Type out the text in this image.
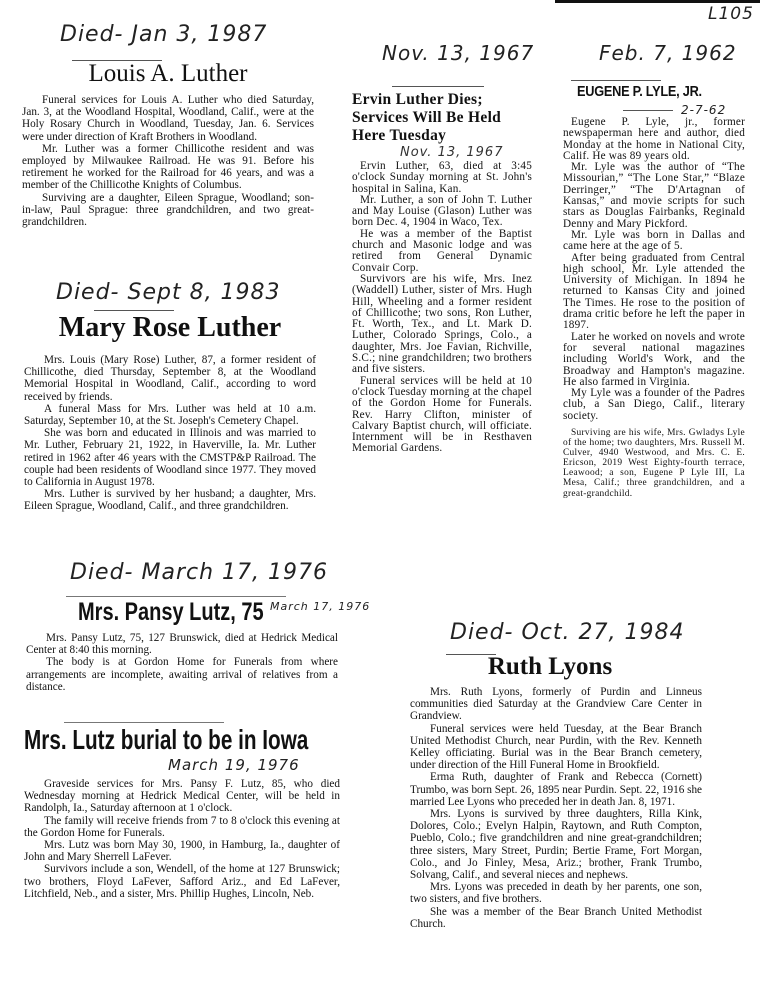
L105
Died- Jan 3, 1987
Louis A. Luther

Funeral services for Louis A. Luther who died Saturday, Jan. 3, at the Woodland Hospital, Woodland, Calif., were at the Holy Rosary Church in Woodland, Tuesday, Jan. 6. Services were under direction of Kraft Brothers in Woodland.

Mr. Luther was a former Chillicothe resident and was employed by Milwaukee Railroad. He was 91. Before his retirement he worked for the Railroad for 46 years, and was a member of the Chillicothe Knights of Columbus.

Surviving are a daughter, Eileen Sprague, Woodland; son-in-law, Paul Sprague: three grandchildren, and two great-grandchildren.

Died- Sept 8, 1983
Mary Rose Luther

Mrs. Louis (Mary Rose) Luther, 87, a former resident of Chillicothe, died Thursday, September 8, at the Woodland Memorial Hospital in Woodland, Calif., according to word received by friends.

A funeral Mass for Mrs. Luther was held at 10 a.m. Saturday, September 10, at the St. Joseph's Cemetery Chapel.

She was born and educated in Illinois and was married to Mr. Luther, February 21, 1922, in Haverville, Ia. Mr. Luther retired in 1962 after 46 years with the CMSTP&P Railroad. The couple had been residents of Woodland since 1977. They moved to California in August 1978.

Mrs. Luther is survived by her husband; a daughter, Mrs. Eileen Sprague, Woodland, Calif., and three grandchildren.

Nov. 13, 1967
Ervin Luther Dies; Services Will Be Held Here Tuesday
Nov. 13, 1967

Ervin Luther, 63, died at 3:45 o'clock Sunday morning at St. John's hospital in Salina, Kan.

Mr. Luther, a son of John T. Luther and May Louise (Glason) Luther was born Dec. 4, 1904 in Waco, Tex.

He was a member of the Baptist church and Masonic lodge and was retired from General Dynamic Convair Corp.

Survivors are his wife, Mrs. Inez (Waddell) Luther, sister of Mrs. Hugh Hill, Wheeling and a former resident of Chillicothe; two sons, Ron Luther, Ft. Worth, Tex., and Lt. Mark D. Luther, Colorado Springs, Colo., a daughter, Mrs. Joe Favian, Richville, S.C.; nine grandchildren; two brothers and five sisters.

Funeral services will be held at 10 o'clock Tuesday morning at the chapel of the Gordon Home for Funerals. Rev. Harry Clifton, minister of Calvary Baptist church, will officiate. Internment will be in Resthaven Memorial Gardens.

Feb. 7, 1962
EUGENE P. LYLE, JR.
2-7-62

Eugene P. Lyle, jr., former newspaperman here and author, died Monday at the home in National City, Calif. He was 89 years old.

Mr. Lyle was the author of “The Missourian,” “The Lone Star,” “Blaze Derringer,” “The D'Artagnan of Kansas,” and movie scripts for such stars as Douglas Fairbanks, Reginald Denny and Mary Pickford.

Mr. Lyle was born in Dallas and came here at the age of 5.

After being graduated from Central high school, Mr. Lyle attended the University of Michigan. In 1894 he returned to Kansas City and joined The Times. He rose to the position of drama critic before he left the paper in 1897.

Later he worked on novels and wrote for several national magazines including World's Work, and the Broadway and Hampton's magazine. He also farmed in Virginia.

My Lyle was a founder of the Padres club, a San Diego, Calif., literary society.

Surviving are his wife, Mrs. Gwladys Lyle of the home; two daughters, Mrs. Russell M. Culver, 4940 Westwood, and Mrs. C. E. Ericson, 2019 West Eighty-fourth terrace, Leawood; a son, Eugene P Lyle III, La Mesa, Calif.; three grandchildren, and a great-grandchild.

Died- March 17, 1976
Mrs. Pansy Lutz, 75 March 17, 1976

Mrs. Pansy Lutz, 75, 127 Brunswick, died at Hedrick Medical Center at 8:40 this morning.

The body is at Gordon Home for Funerals from where arrangements are incomplete, awaiting arrival of relatives from a distance.

Mrs. Lutz burial to be in Iowa
March 19, 1976

Graveside services for Mrs. Pansy F. Lutz, 85, who died Wednesday morning at Hedrick Medical Center, will be held in Randolph, Ia., Saturday afternoon at 1 o'clock.

The family will receive friends from 7 to 8 o'clock this evening at the Gordon Home for Funerals.

Mrs. Lutz was born May 30, 1900, in Hamburg, Ia., daughter of John and Mary Sherrell LaFever.

Survivors include a son, Wendell, of the home at 127 Brunswick; two brothers, Floyd LaFever, Safford Ariz., and Ed LaFever, Litchfield, Neb., and a sister, Mrs. Phillip Hughes, Lincoln, Neb.

Died- Oct. 27, 1984
Ruth Lyons

Mrs. Ruth Lyons, formerly of Purdin and Linneus communities died Saturday at the Grandview Care Center in Grandview.

Funeral services were held Tuesday, at the Bear Branch United Methodist Church, near Purdin, with the Rev. Kenneth Kelley officiating. Burial was in the Bear Branch cemetery, under direction of the Hill Funeral Home in Brookfield.

Erma Ruth, daughter of Frank and Rebecca (Cornett) Trumbo, was born Sept. 26, 1895 near Purdin. Sept. 22, 1916 she married Lee Lyons who preceded her in death Jan. 8, 1971.

Mrs. Lyons is survived by three daughters, Rilla Kink, Dolores, Colo.; Evelyn Halpin, Raytown, and Ruth Compton, Pueblo, Colo.; five grandchildren and nine great-grandchildren; three sisters, Mary Street, Purdin; Bertie Frame, Fort Morgan, Colo., and Jo Finley, Mesa, Ariz.; brother, Frank Trumbo, Solvang, Calif., and several nieces and nephews.

Mrs. Lyons was preceded in death by her parents, one son, two sisters, and five brothers.

She was a member of the Bear Branch United Methodist Church.
